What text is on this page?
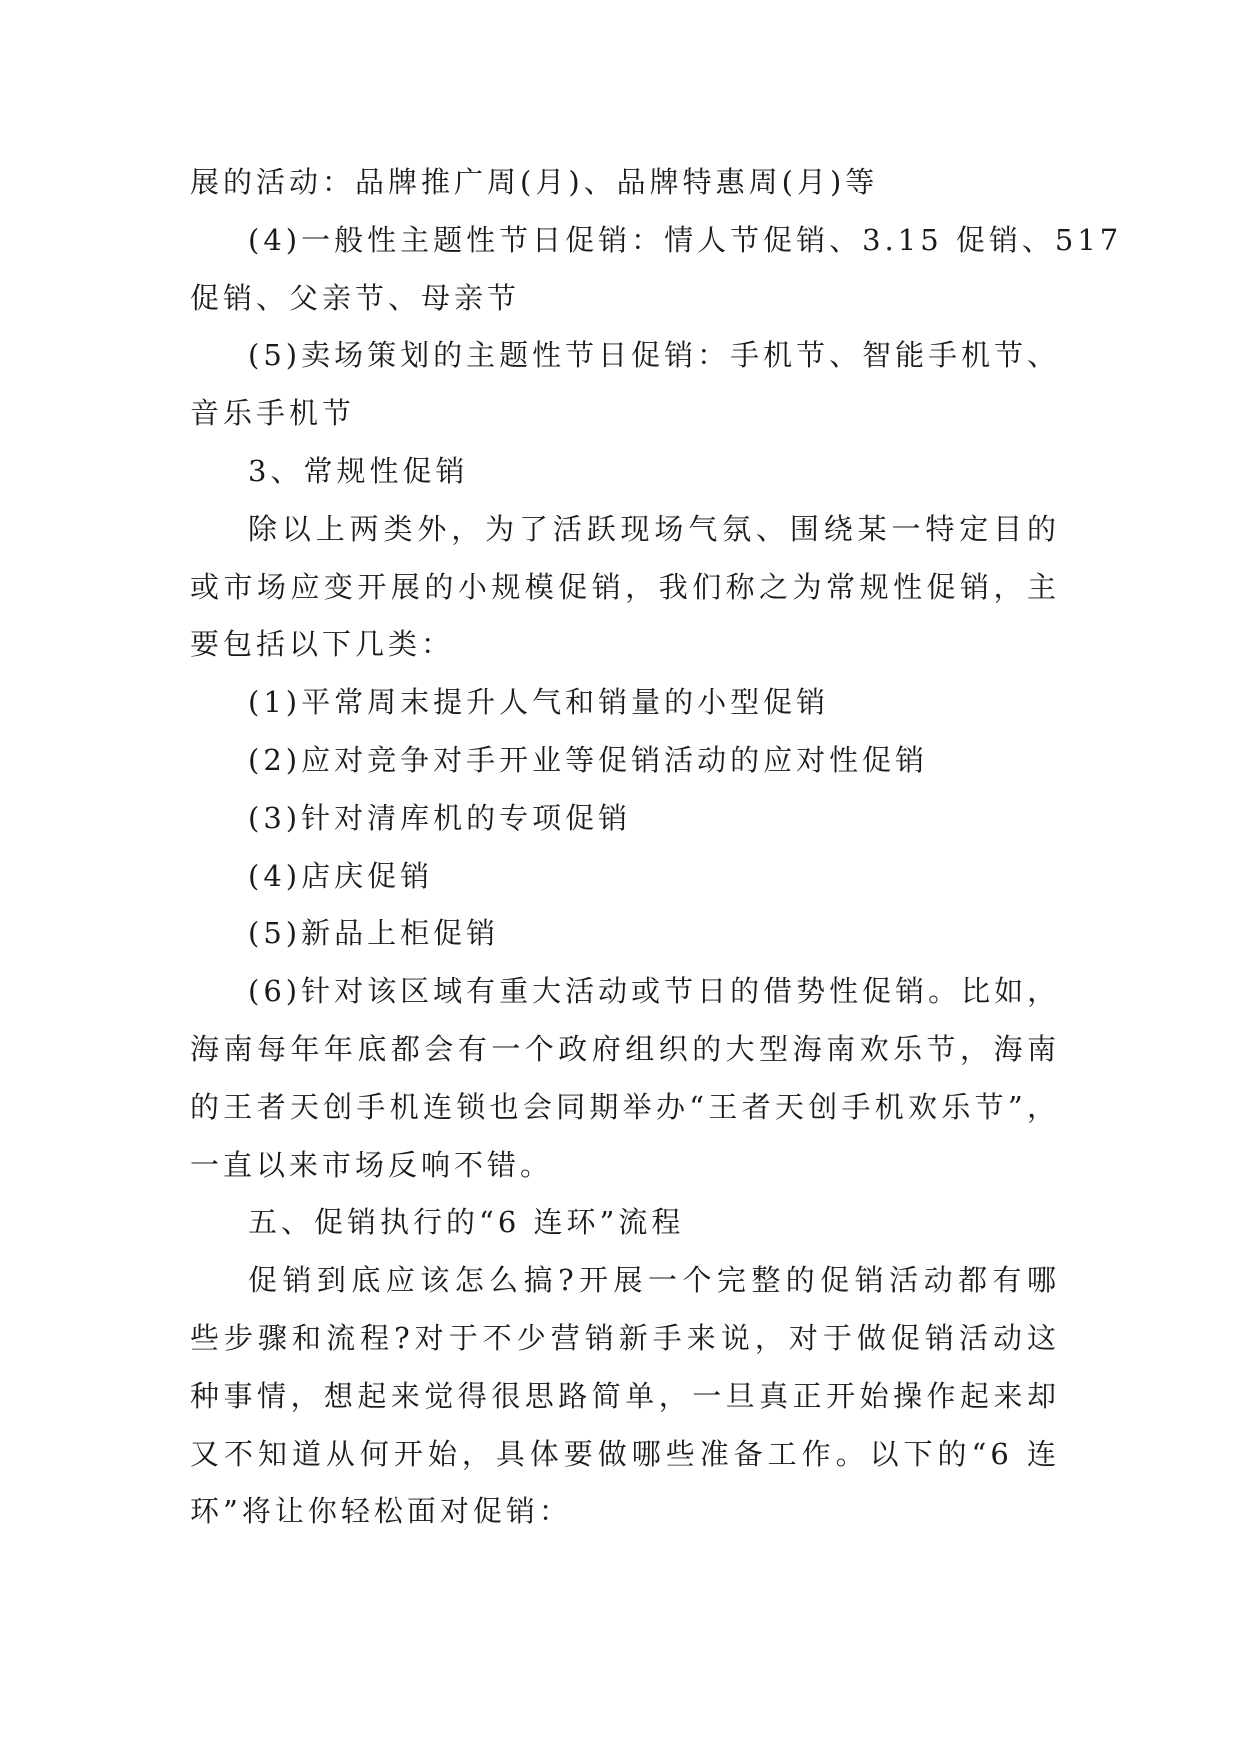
展的活动：品牌推广周(月)、品牌特惠周(月)等

(4)一般性主题性节日促销：情人节促销、3.15 促销、517
促销、父亲节、母亲节

(5)卖场策划的主题性节日促销：手机节、智能手机节、
音乐手机节

3、常规性促销

除以上两类外，为了活跃现场气氛、围绕某一特定目的
或市场应变开展的小规模促销，我们称之为常规性促销，主
要包括以下几类：

(1)平常周末提升人气和销量的小型促销

(2)应对竞争对手开业等促销活动的应对性促销

(3)针对清库机的专项促销

(4)店庆促销

(5)新品上柜促销

(6)针对该区域有重大活动或节日的借势性促销。比如，
海南每年年底都会有一个政府组织的大型海南欢乐节，海南
的王者天创手机连锁也会同期举办“王者天创手机欢乐节”，
一直以来市场反响不错。

五、促销执行的“6 连环”流程

促销到底应该怎么搞?开展一个完整的促销活动都有哪
些步骤和流程?对于不少营销新手来说，对于做促销活动这
种事情，想起来觉得很思路简单，一旦真正开始操作起来却
又不知道从何开始，具体要做哪些准备工作。以下的“6 连
环”将让你轻松面对促销：
